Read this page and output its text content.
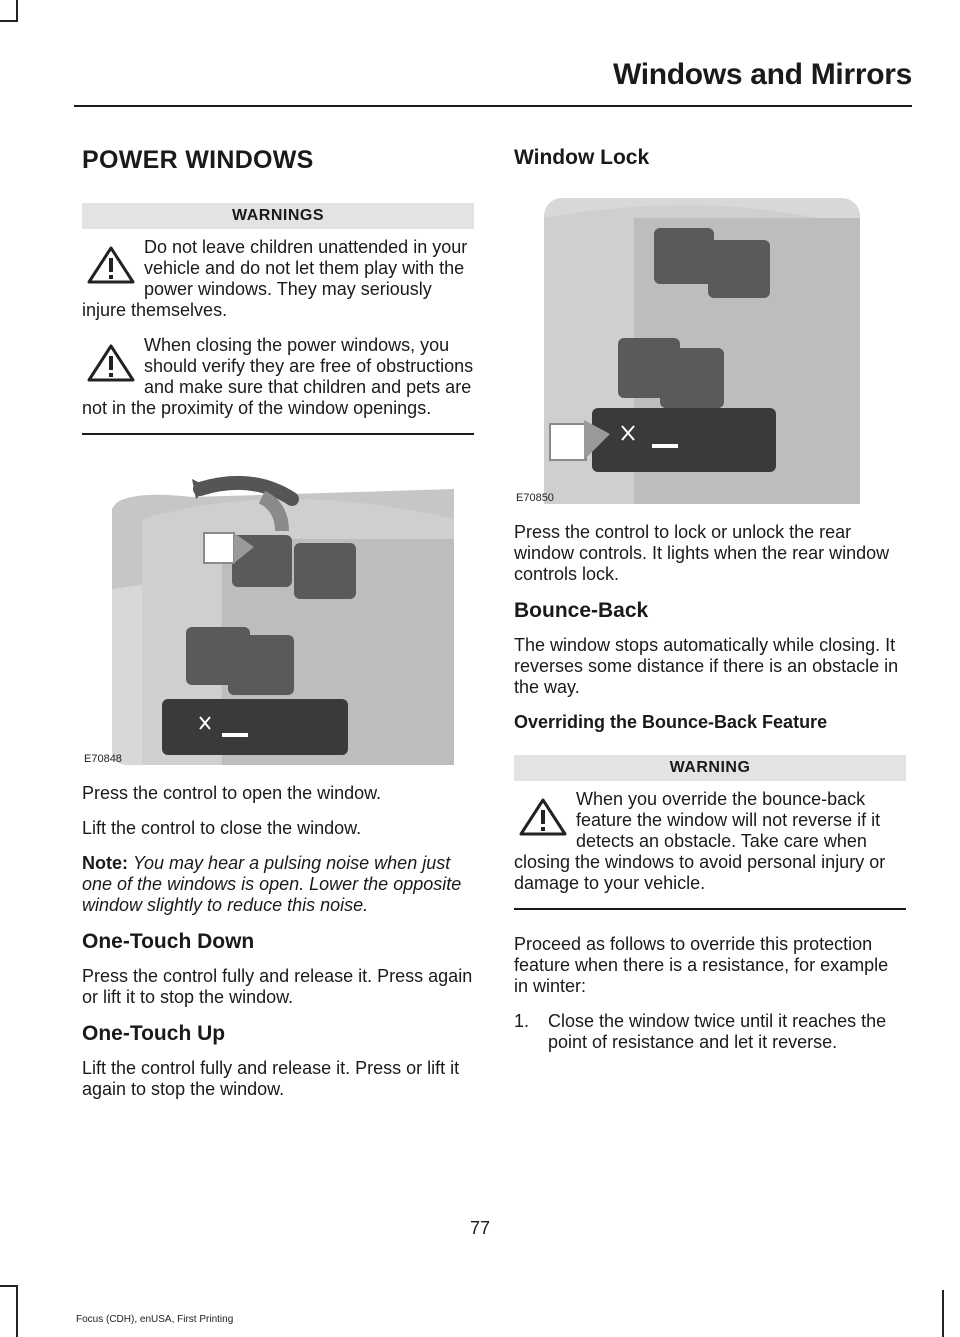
Windows and Mirrors
POWER WINDOWS
WARNINGS
Do not leave children unattended in your vehicle and do not let them play with the power windows. They may seriously injure themselves.
When closing the power windows, you should verify they are free of obstructions and make sure that children and pets are not in the proximity of the window openings.
E70848

Press the control to open the window.

Lift the control to close the window.

Note: You may hear a pulsing noise when just one of the windows is open. Lower the opposite window slightly to reduce this noise.

One-Touch Down

Press the control fully and release it. Press again or lift it to stop the window.

One-Touch Up

Lift the control fully and release it. Press or lift it again to stop the window.

Window Lock
E70850

Press the control to lock or unlock the rear window controls. It lights when the rear window controls lock.

Bounce-Back

The window stops automatically while closing. It reverses some distance if there is an obstacle in the way.

Overriding the Bounce-Back Feature
WARNING
When you override the bounce-back feature the window will not reverse if it detects an obstacle. Take care when closing the windows to avoid personal injury or damage to your vehicle.

Proceed as follows to override this protection feature when there is a resistance, for example in winter:

1. Close the window twice until it reaches the point of resistance and let it reverse.
77
Focus (CDH), enUSA, First Printing
